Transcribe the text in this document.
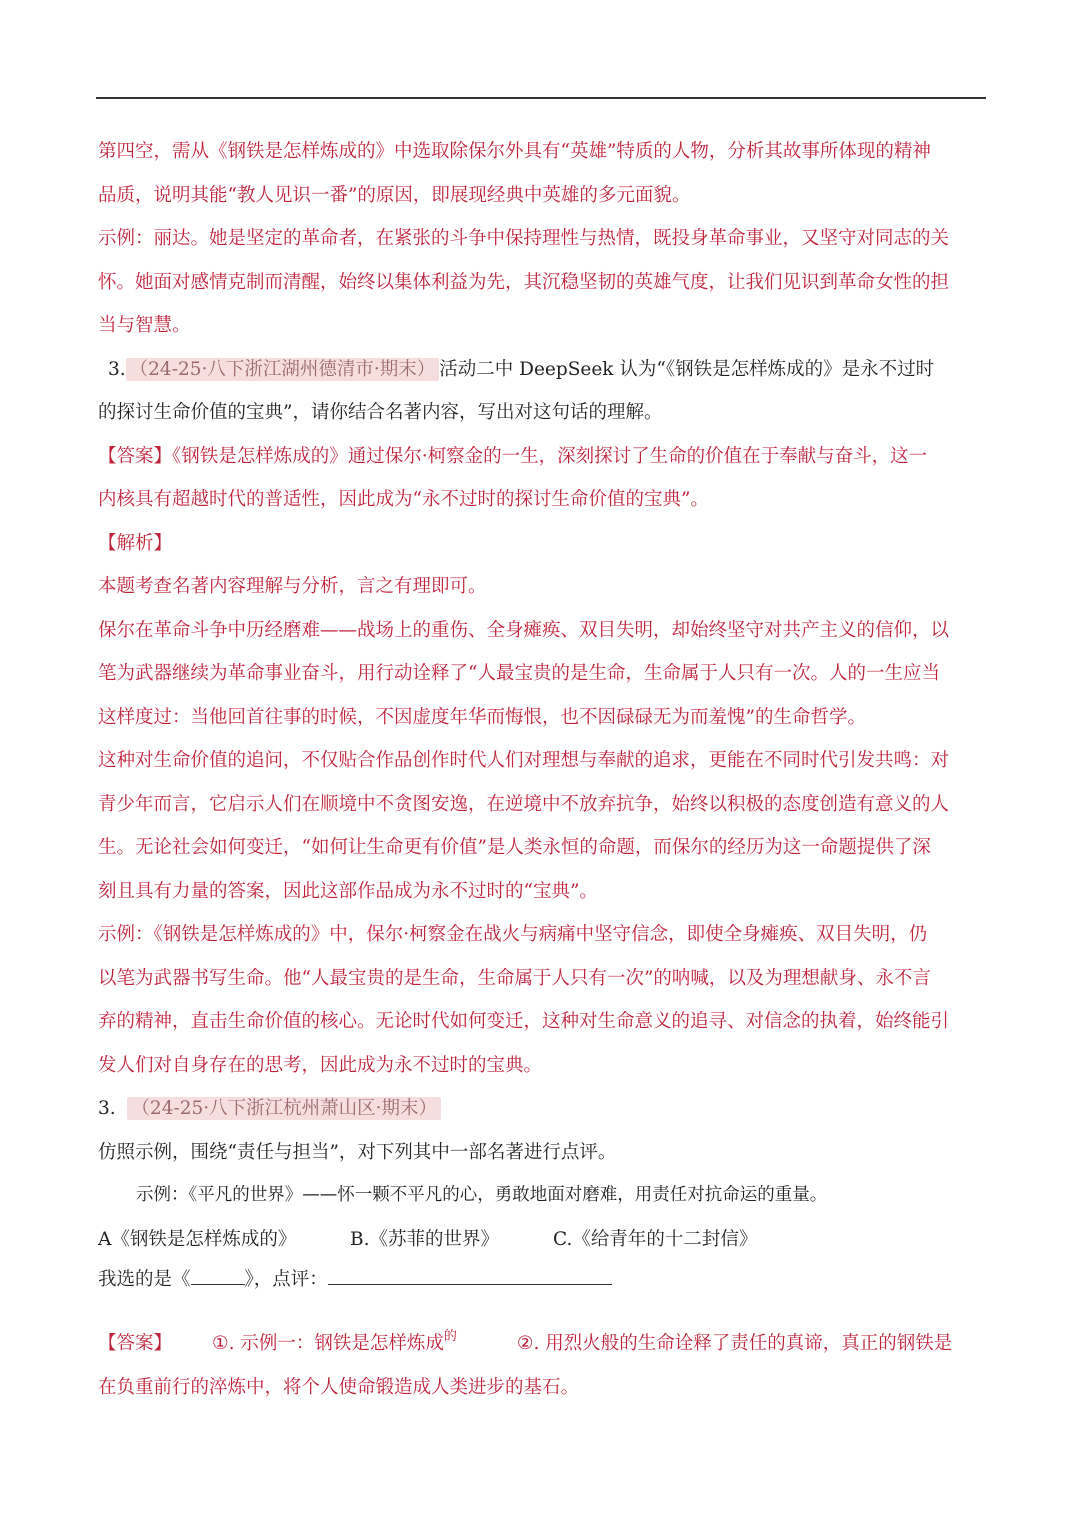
第四空，需从《钢铁是怎样炼成的》中选取除保尔外具有“英雄”特质的人物，分析其故事所体现的精神

品质，说明其能“教人见识一番”的原因，即展现经典中英雄的多元面貌。

示例：丽达。她是坚定的革命者，在紧张的斗争中保持理性与热情，既投身革命事业，又坚守对同志的关

怀。她面对感情克制而清醒，始终以集体利益为先，其沉稳坚韧的英雄气度，让我们见识到革命女性的担

当与智慧。

3. （24-25·八下浙江湖州德清市·期末） 活动二中 DeepSeek 认为“《钢铁是怎样炼成的》是永不过时

的探讨生命价值的宝典”，请你结合名著内容，写出对这句话的理解。

【答案】《钢铁是怎样炼成的》通过保尔·柯察金的一生，深刻探讨了生命的价值在于奉献与奋斗，这一

内核具有超越时代的普适性，因此成为“永不过时的探讨生命价值的宝典”。

【解析】

本题考查名著内容理解与分析，言之有理即可。

保尔在革命斗争中历经磨难——战场上的重伤、全身瘫痪、双目失明，却始终坚守对共产主义的信仰，以

笔为武器继续为革命事业奋斗，用行动诠释了“人最宝贵的是生命，生命属于人只有一次。人的一生应当

这样度过：当他回首往事的时候，不因虚度年华而悔恨，也不因碌碌无为而羞愧”的生命哲学。

这种对生命价值的追问，不仅贴合作品创作时代人们对理想与奉献的追求，更能在不同时代引发共鸣：对

青少年而言，它启示人们在顺境中不贪图安逸，在逆境中不放弃抗争，始终以积极的态度创造有意义的人

生。无论社会如何变迁，“如何让生命更有价值”是人类永恒的命题，而保尔的经历为这一命题提供了深

刻且具有力量的答案，因此这部作品成为永不过时的“宝典”。

示例：《钢铁是怎样炼成的》中，保尔·柯察金在战火与病痛中坚守信念，即使全身瘫痪、双目失明，仍

以笔为武器书写生命。他“人最宝贵的是生命，生命属于人只有一次”的呐喊，以及为理想献身、永不言

弃的精神，直击生命价值的核心。无论时代如何变迁，这种对生命意义的追寻、对信念的执着，始终能引

发人们对自身存在的思考，因此成为永不过时的宝典。

3. （24-25·八下浙江杭州萧山区·期末）

仿照示例，围绕“责任与担当”，对下列其中一部名著进行点评。

示例：《平凡的世界》——怀一颗不平凡的心，勇敢地面对磨难，用责任对抗命运的重量。

A《钢铁是怎样炼成的》	B.《苏菲的世界》	C.《给青年的十二封信》

我选的是《	》，点评：

【答案】 ①. 示例一：钢铁是怎样炼成$^的$	②. 用烈火般的生命诠释了责任的真谛，真正的钢铁是

在负重前行的淬炼中，将个人使命锻造成人类进步的基石。
